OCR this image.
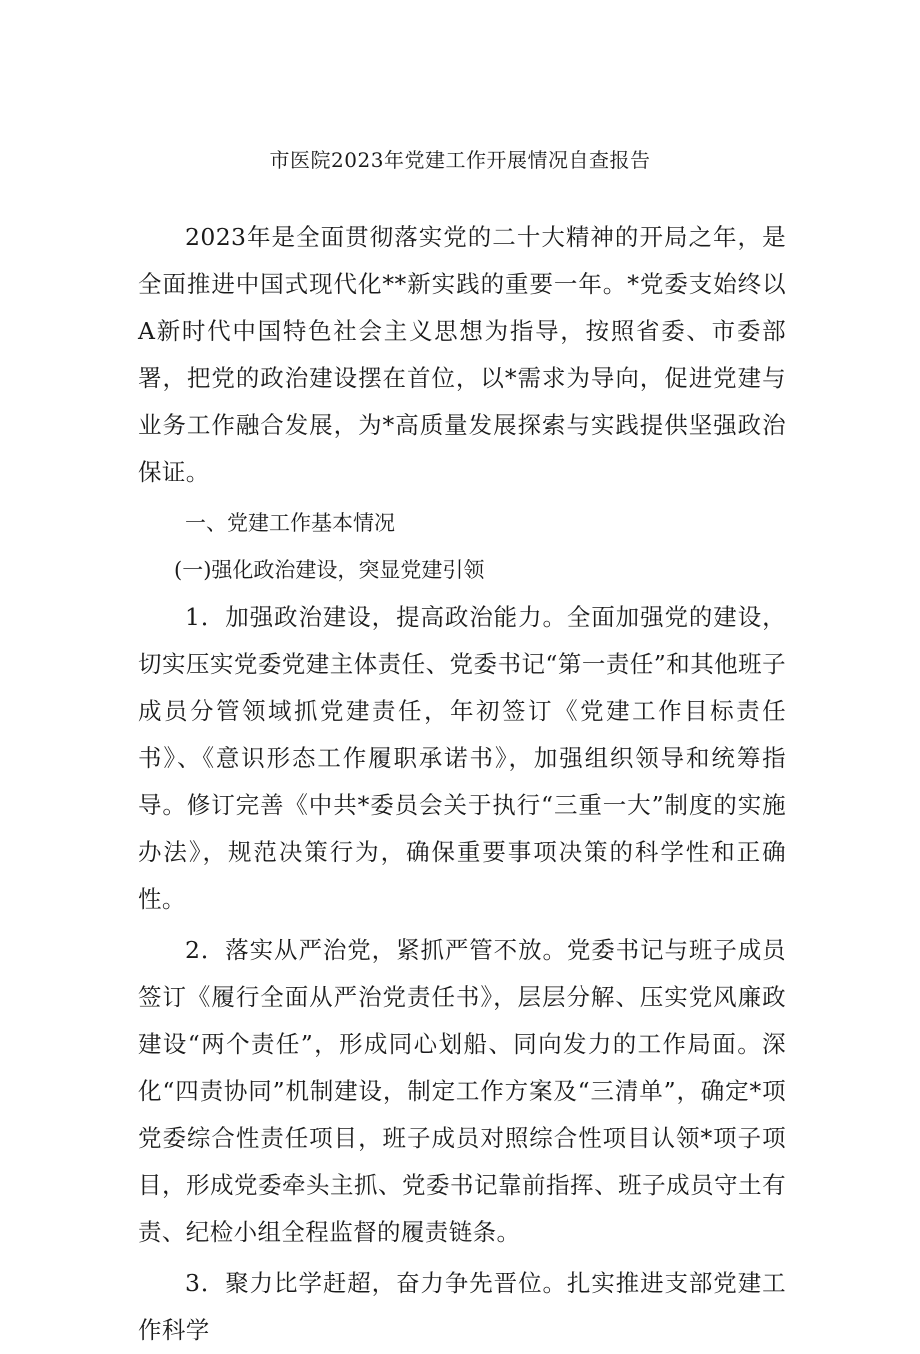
市医院2023年党建工作开展情况自查报告

2023年是全面贯彻落实党的二十大精神的开局之年，是全面推进中国式现代化**新实践的重要一年。*党委支始终以A新时代中国特色社会主义思想为指导，按照省委、市委部署，把党的政治建设摆在首位，以*需求为导向，促进党建与业务工作融合发展，为*高质量发展探索与实践提供坚强政治保证。

一、党建工作基本情况

(一)强化政治建设，突显党建引领

1．加强政治建设，提高政治能力。全面加强党的建设，切实压实党委党建主体责任、党委书记“第一责任”和其他班子成员分管领域抓党建责任，年初签订《党建工作目标责任书》、《意识形态工作履职承诺书》，加强组织领导和统筹指导。修订完善《中共*委员会关于执行“三重一大”制度的实施办法》，规范决策行为，确保重要事项决策的科学性和正确性。

2．落实从严治党，紧抓严管不放。党委书记与班子成员签订《履行全面从严治党责任书》，层层分解、压实党风廉政建设“两个责任”，形成同心划船、同向发力的工作局面。深化“四责协同”机制建设，制定工作方案及“三清单”，确定*项党委综合性责任项目，班子成员对照综合性项目认领*项子项目，形成党委牵头主抓、党委书记靠前指挥、班子成员守土有责、纪检小组全程监督的履责链条。

3．聚力比学赶超，奋力争先晋位。扎实推进支部党建工作科学
